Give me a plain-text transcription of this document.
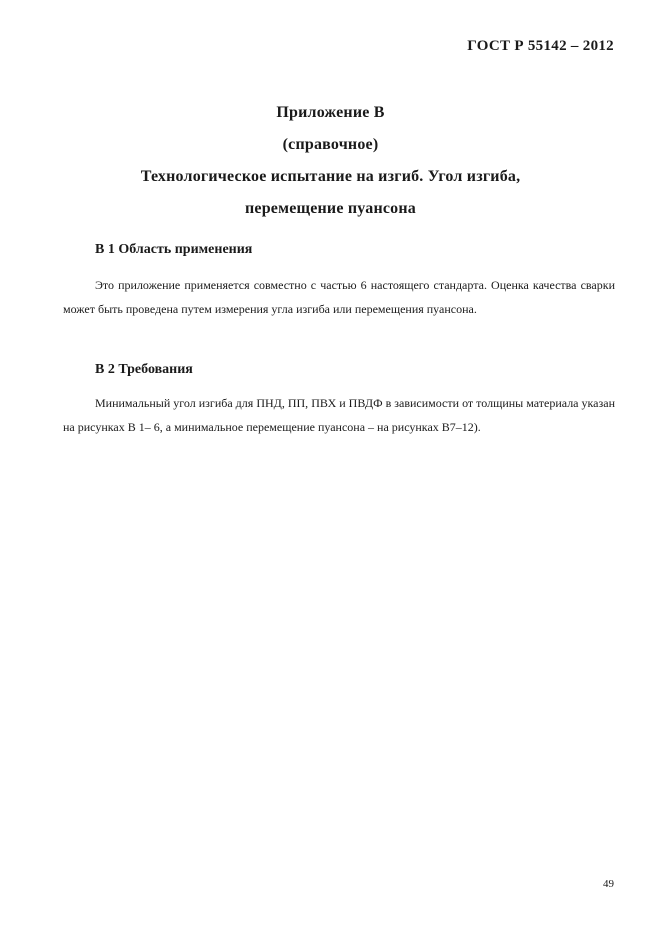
ГОСТ Р 55142 – 2012
Приложение В
(справочное)
Технологическое испытание на изгиб. Угол изгиба,
перемещение пуансона
В 1 Область применения

Это приложение применяется совместно с частью 6 настоящего стандарта. Оценка качества сварки может быть проведена путем измерения угла изгиба или перемещения пуансона.

В 2 Требования

Минимальный угол изгиба для ПНД, ПП, ПВХ и ПВДФ в зависимости от толщины материала указан на рисунках В 1– 6, а минимальное перемещение пуансона – на рисунках В7–12).

49
